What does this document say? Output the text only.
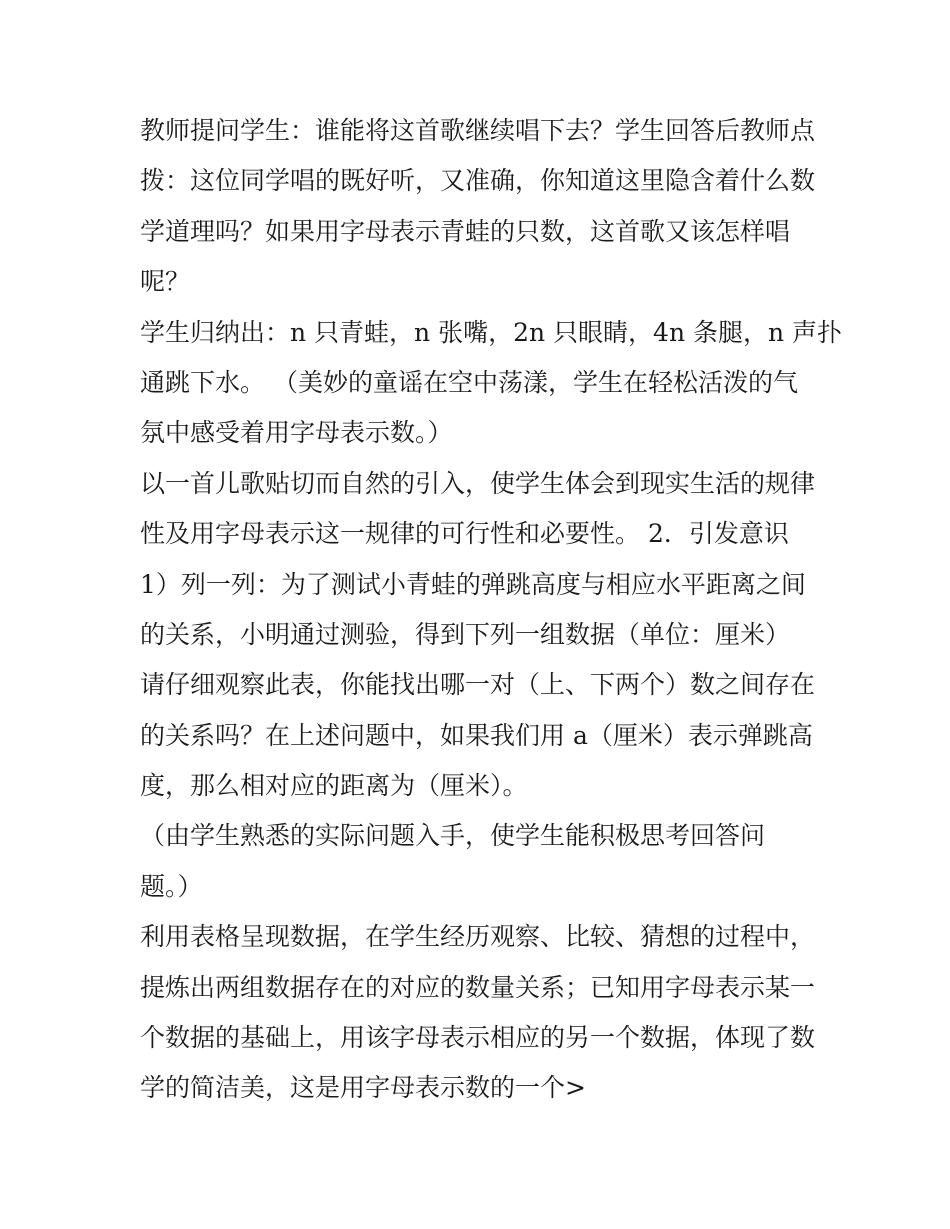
教师提问学生：谁能将这首歌继续唱下去？学生回答后教师点
拨：这位同学唱的既好听，又准确，你知道这里隐含着什么数
学道理吗？如果用字母表示青蛙的只数，这首歌又该怎样唱
呢？
学生归纳出：n 只青蛙，n 张嘴，2n 只眼睛，4n 条腿，n 声扑
通跳下水。 （美妙的童谣在空中荡漾，学生在轻松活泼的气
氛中感受着用字母表示数。）
以一首儿歌贴切而自然的引入，使学生体会到现实生活的规律
性及用字母表示这一规律的可行性和必要性。 2．引发意识
1）列一列：为了测试小青蛙的弹跳高度与相应水平距离之间
的关系，小明通过测验，得到下列一组数据（单位：厘米）
请仔细观察此表，你能找出哪一对（上、下两个）数之间存在
的关系吗？在上述问题中，如果我们用 a（厘米）表示弹跳高
度，那么相对应的距离为（厘米）。
（由学生熟悉的实际问题入手，使学生能积极思考回答问
题。）
利用表格呈现数据，在学生经历观察、比较、猜想的过程中，
提炼出两组数据存在的对应的数量关系；已知用字母表示某一
个数据的基础上，用该字母表示相应的另一个数据，体现了数
学的简洁美，这是用字母表示数的一个>
